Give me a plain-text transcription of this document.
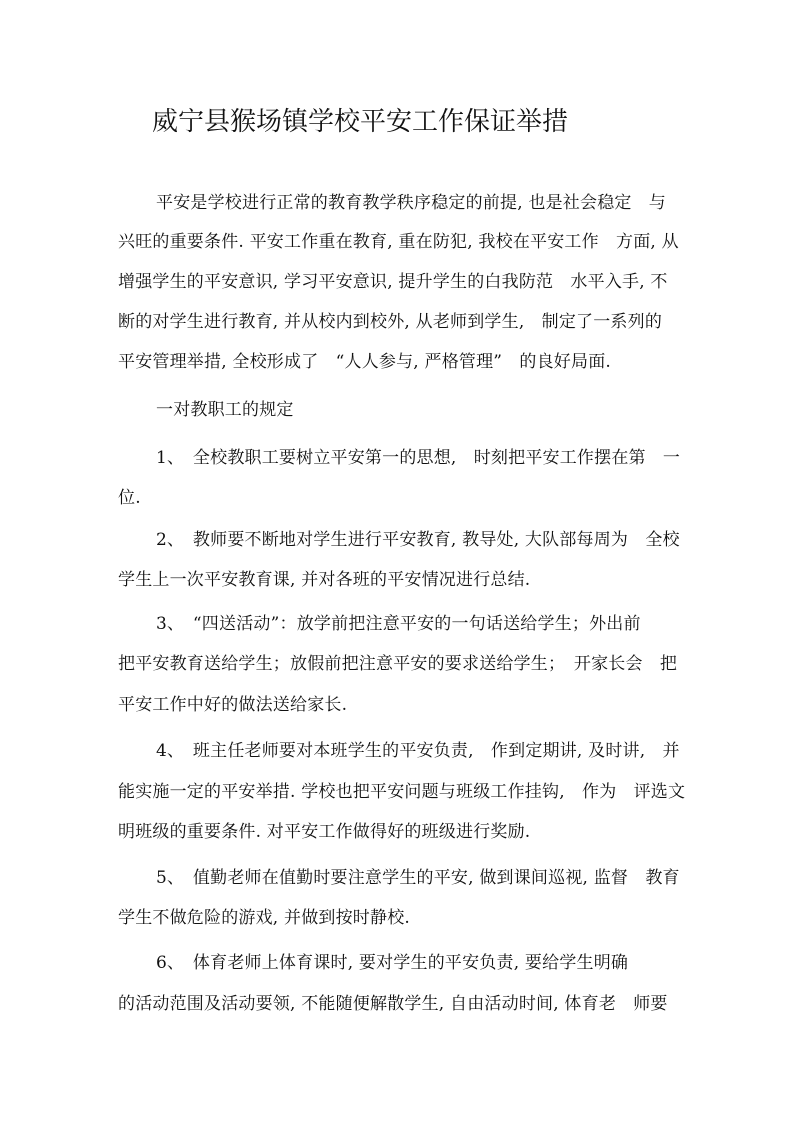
威宁县猴场镇学校平安工作保证举措
平安是学校进行正常的教育教学秩序稳定的前提, 也是社会稳定　与
兴旺的重要条件. 平安工作重在教育, 重在防犯, 我校在平安工作　方面, 从
增强学生的平安意识, 学习平安意识, 提升学生的白我防范　水平入手, 不
断的对学生进行教育, 并从校内到校外, 从老师到学生,　制定了一系列的
平安管理举措, 全校形成了　“人人参与, 严格管理”　的良好局面.
一对教职工的规定
1、　全校教职工要树立平安第一的思想,　时刻把平安工作摆在第　一
位.
2、　教师要不断地对学生进行平安教育, 教导处, 大队部每周为　全校
学生上一次平安教育课, 并对各班的平安情况进行总结.
3、　“四送活动”：放学前把注意平安的一句话送给学生；外出前
把平安教育送给学生；放假前把注意平安的要求送给学生；　开家长会　把
平安工作中好的做法送给家长.
4、　班主任老师要对本班学生的平安负责,　作到定期讲, 及时讲,　并
能实施一定的平安举措. 学校也把平安问题与班级工作挂钩,　作为　评选文
明班级的重要条件. 对平安工作做得好的班级进行奖励.
5、　值勤老师在值勤时要注意学生的平安, 做到课间巡视, 监督　教育
学生不做危险的游戏, 并做到按时静校.
6、　体育老师上体育课时, 要对学生的平安负责, 要给学生明确
的活动范围及活动要领, 不能随便解散学生, 自由活动时间, 体育老　师要
